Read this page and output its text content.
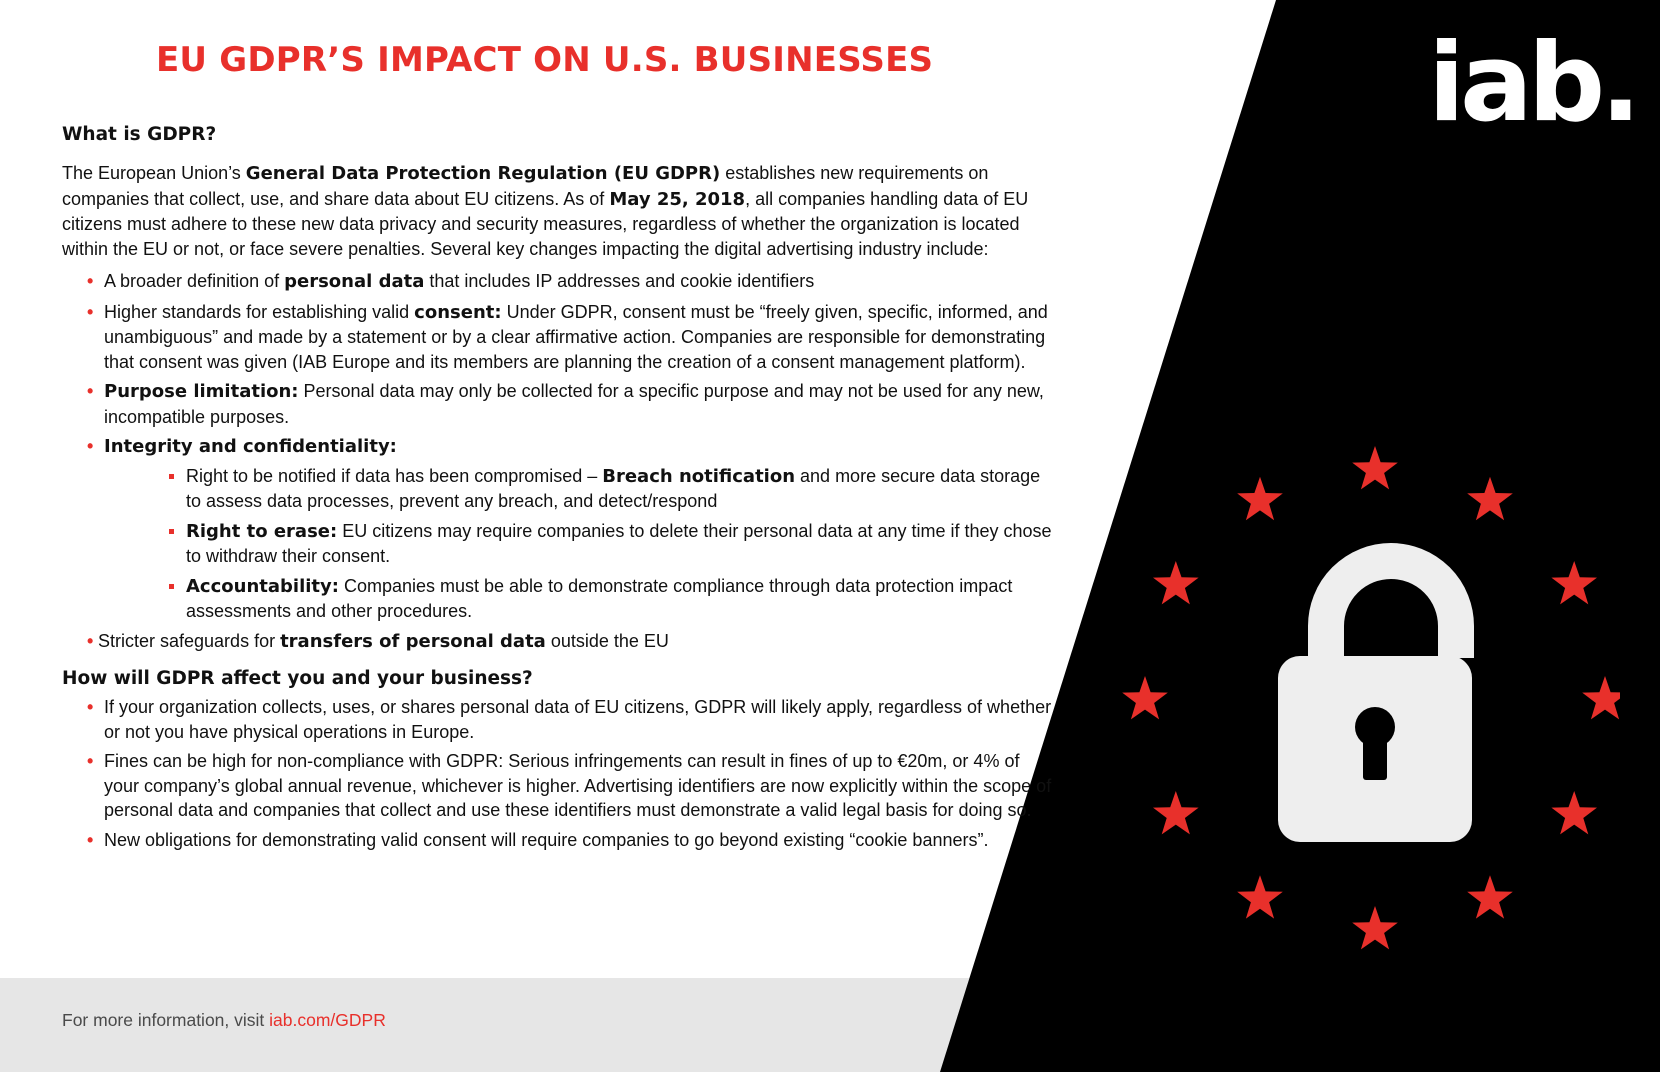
EU GDPR’S IMPACT ON U.S. BUSINESSES	iab.
What is GDPR?

The European Union’s General Data Protection Regulation (EU GDPR) establishes new requirements on companies that collect, use, and share data about EU citizens. As of May 25, 2018, all companies handling data of EU citizens must adhere to these new data privacy and security measures, regardless of whether the organization is located within the EU or not, or face severe penalties. Several key changes impacting the digital advertising industry include:

• A broader definition of personal data that includes IP addresses and cookie identifiers
• Higher standards for establishing valid consent: Under GDPR, consent must be “freely given, specific, informed, and unambiguous” and made by a statement or by a clear affirmative action. Companies are responsible for demonstrating that consent was given (IAB Europe and its members are planning the creation of a consent management platform).
• Purpose limitation: Personal data may only be collected for a specific purpose and may not be used for any new, incompatible purposes.
• Integrity and confidentiality:
Right to be notified if data has been compromised – Breach notification and more secure data storage to assess data processes, prevent any breach, and detect/respond
Right to erase: EU citizens may require companies to delete their personal data at any time if they chose to withdraw their consent.
Accountability: Companies must be able to demonstrate compliance through data protection impact assessments and other procedures.
• Stricter safeguards for transfers of personal data outside the EU
How will GDPR affect you and your business?
• If your organization collects, uses, or shares personal data of EU citizens, GDPR will likely apply, regardless of whether or not you have physical operations in Europe.
• Fines can be high for non-compliance with GDPR: Serious infringements can result in fines of up to €20m, or 4% of your company’s global annual revenue, whichever is higher. Advertising identifiers are now explicitly within the scope of personal data and companies that collect and use these identifiers must demonstrate a valid legal basis for doing so.
• New obligations for demonstrating valid consent will require companies to go beyond existing “cookie banners”.

For more information, visit iab.com/GDPR
